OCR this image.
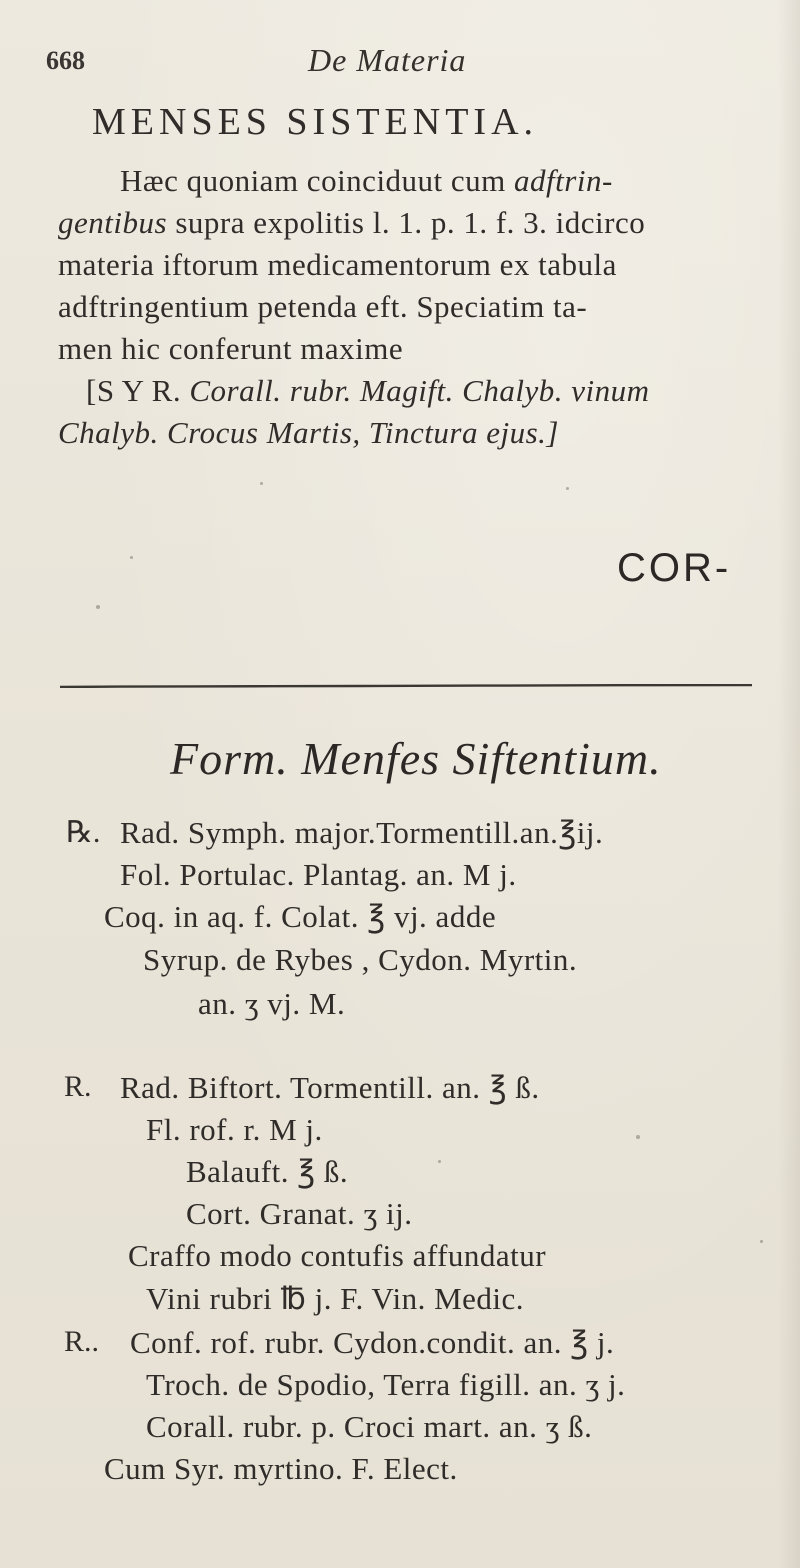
668	De Materia
MENSES SISTENTIA.
Hæc quoniam coinciduut cum adftrin-
gentibus supra expolitis l. 1. p. 1. f. 3. idcirco
materia iftorum medicamentorum ex tabula
adftringentium petenda eft. Speciatim ta-
men hic conferunt maxime
[S Y R. Corall. rubr. Magift. Chalyb. vinum
Chalyb. Crocus Martis, Tinctura ejus.]
COR-
Form. Menfes Siftentium.
℞.
R.
R..
Rad. Symph. major.Tormentill.an.℥ij.
Fol. Portulac. Plantag. an. M j.
Coq. in aq. f. Colat. ℥ vj. adde
Syrup. de Rybes , Cydon. Myrtin.
an. ʒ vj. M.
Rad. Biftort. Tormentill. an. ℥ ß.
Fl. rof. r. M j.
Balauft. ℥ ß.
Cort. Granat. ʒ ij.
Craffo modo contufis affundatur
Vini rubri ℔ j. F. Vin. Medic.
Conf. rof. rubr. Cydon.condit. an. ℥ j.
Troch. de Spodio, Terra figill. an. ʒ j.
Corall. rubr. p. Croci mart. an. ʒ ß.
Cum Syr. myrtino. F. Elect.
